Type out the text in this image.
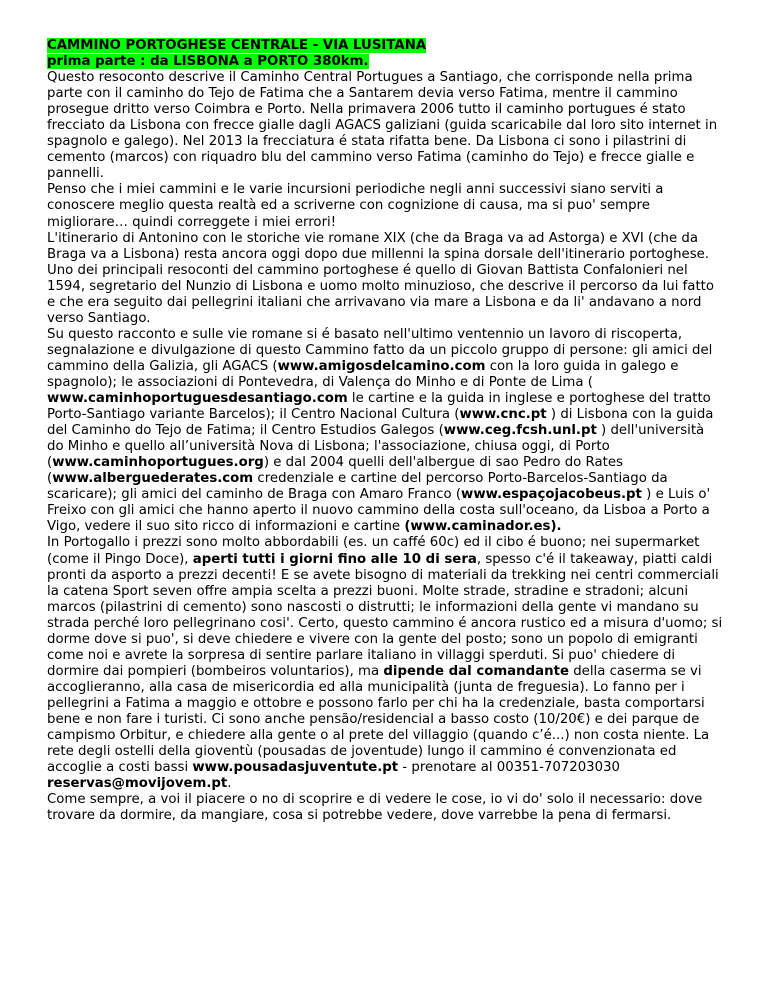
CAMMINO PORTOGHESE CENTRALE - VIA LUSITANA
prima parte : da LISBONA a PORTO 380km.

Questo resoconto descrive il Caminho Central Portugues a Santiago, che corrisponde nella prima parte con il caminho do Tejo de Fatima che a Santarem devia verso Fatima, mentre il cammino prosegue dritto verso Coimbra e Porto. Nella primavera 2006 tutto il caminho portugues é stato frecciato da Lisbona con frecce gialle dagli AGACS galiziani (guida scaricabile dal loro sito internet in spagnolo e galego). Nel 2013 la frecciatura é stata rifatta bene. Da Lisbona ci sono i pilastrini di cemento (marcos) con riquadro blu del cammino verso Fatima (caminho do Tejo) e frecce gialle e pannelli.

Penso che i miei cammini e le varie incursioni periodiche negli anni successivi siano serviti a conoscere meglio questa realtà ed a scriverne con cognizione di causa, ma si puo' sempre migliorare… quindi correggete i miei errori!

L'itinerario di Antonino con le storiche vie romane XIX (che da Braga va ad Astorga) e XVI (che da Braga va a Lisbona) resta ancora oggi dopo due millenni la spina dorsale dell'itinerario portoghese. Uno dei principali resoconti del cammino portoghese é quello di Giovan Battista Confalonieri nel 1594, segretario del Nunzio di Lisbona e uomo molto minuzioso, che descrive il percorso da lui fatto e che era seguito dai pellegrini italiani che arrivavano via mare a Lisbona e da li' andavano a nord verso Santiago.

Su questo racconto e sulle vie romane si é basato nell'ultimo ventennio un lavoro di riscoperta, segnalazione e divulgazione di questo Cammino fatto da un piccolo gruppo di persone: gli amici del cammino della Galizia, gli AGACS (www.amigosdelcamino.com con la loro guida in galego e spagnolo); le associazioni di Pontevedra, di Valença do Minho e di Ponte de Lima ( www.caminhoportuguesdesantiago.com le cartine e la guida in inglese e portoghese del tratto Porto-Santiago variante Barcelos); il Centro Nacional Cultura (www.cnc.pt ) di Lisbona con la guida del Caminho do Tejo de Fatima; il Centro Estudios Galegos (www.ceg.fcsh.unl.pt ) dell'università do Minho e quello all’università Nova di Lisbona; l'associazione, chiusa oggi, di Porto (www.caminhoportugues.org) e dal 2004 quelli dell'albergue di sao Pedro do Rates (www.alberguederates.com credenziale e cartine del percorso Porto-Barcelos-Santiago da scaricare); gli amici del caminho de Braga con Amaro Franco (www.espaçojacobeus.pt ) e Luis o' Freixo con gli amici che hanno aperto il nuovo cammino della costa sull'oceano, da Lisboa a Porto a Vigo, vedere il suo sito ricco di informazioni e cartine (www.caminador.es).

In Portogallo i prezzi sono molto abbordabili (es. un caffé 60c) ed il cibo é buono; nei supermarket (come il Pingo Doce), aperti tutti i giorni fino alle 10 di sera, spesso c'é il takeaway, piatti caldi pronti da asporto a prezzi decenti! E se avete bisogno di materiali da trekking nei centri commerciali la catena Sport seven offre ampia scelta a prezzi buoni. Molte strade, stradine e stradoni; alcuni marcos (pilastrini di cemento) sono nascosti o distrutti; le informazioni della gente vi mandano su strada perché loro pellegrinano cosi'. Certo, questo cammino é ancora rustico ed a misura d'uomo; si dorme dove si puo', si deve chiedere e vivere con la gente del posto; sono un popolo di emigranti come noi e avrete la sorpresa di sentire parlare italiano in villaggi sperduti. Si puo' chiedere di dormire dai pompieri (bombeiros voluntarios), ma dipende dal comandante della caserma se vi accoglieranno, alla casa de misericordia ed alla municipalità (junta de freguesia). Lo fanno per i pellegrini a Fatima a maggio e ottobre e possono farlo per chi ha la credenziale, basta comportarsi bene e non fare i turisti. Ci sono anche pensão/residencial a basso costo (10/20€) e dei parque de campismo Orbitur, e chiedere alla gente o al prete del villaggio (quando c’é...) non costa niente. La rete degli ostelli della gioventù (pousadas de joventude) lungo il cammino é convenzionata ed accoglie a costi bassi www.pousadasjuventute.pt - prenotare al 00351-707203030 reservas@movijovem.pt.

Come sempre, a voi il piacere o no di scoprire e di vedere le cose, io vi do' solo il necessario: dove trovare da dormire, da mangiare, cosa si potrebbe vedere, dove varrebbe la pena di fermarsi.
